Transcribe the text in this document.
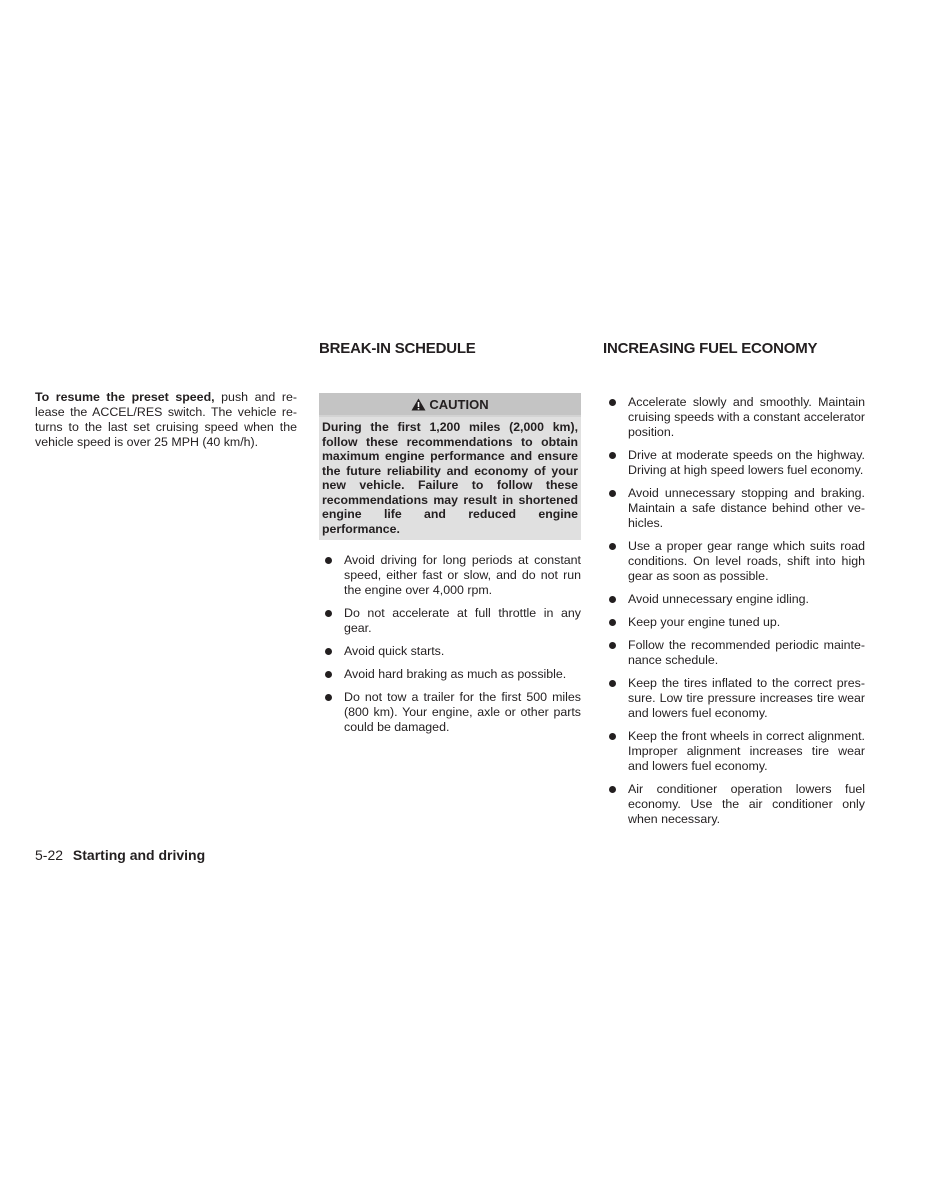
To resume the preset speed, push and release the ACCEL/RES switch. The vehicle returns to the last set cruising speed when the vehicle speed is over 25 MPH (40 km/h).

BREAK-IN SCHEDULE
CAUTION
During the first 1,200 miles (2,000 km), follow these recommendations to obtain maximum engine performance and ensure the future reliability and economy of your new vehicle. Failure to follow these recommendations may result in shortened engine life and reduced engine performance.
Avoid driving for long periods at constant speed, either fast or slow, and do not run the engine over 4,000 rpm.
Do not accelerate at full throttle in any gear.
Avoid quick starts.
Avoid hard braking as much as possible.
Do not tow a trailer for the first 500 miles (800 km). Your engine, axle or other parts could be damaged.
INCREASING FUEL ECONOMY
Accelerate slowly and smoothly. Maintain cruising speeds with a constant accelerator position.
Drive at moderate speeds on the highway. Driving at high speed lowers fuel economy.
Avoid unnecessary stopping and braking. Maintain a safe distance behind other vehicles.
Use a proper gear range which suits road conditions. On level roads, shift into high gear as soon as possible.
Avoid unnecessary engine idling.
Keep your engine tuned up.
Follow the recommended periodic maintenance schedule.
Keep the tires inflated to the correct pressure. Low tire pressure increases tire wear and lowers fuel economy.
Keep the front wheels in correct alignment. Improper alignment increases tire wear and lowers fuel economy.
Air conditioner operation lowers fuel economy. Use the air conditioner only when necessary.
5-22 Starting and driving
